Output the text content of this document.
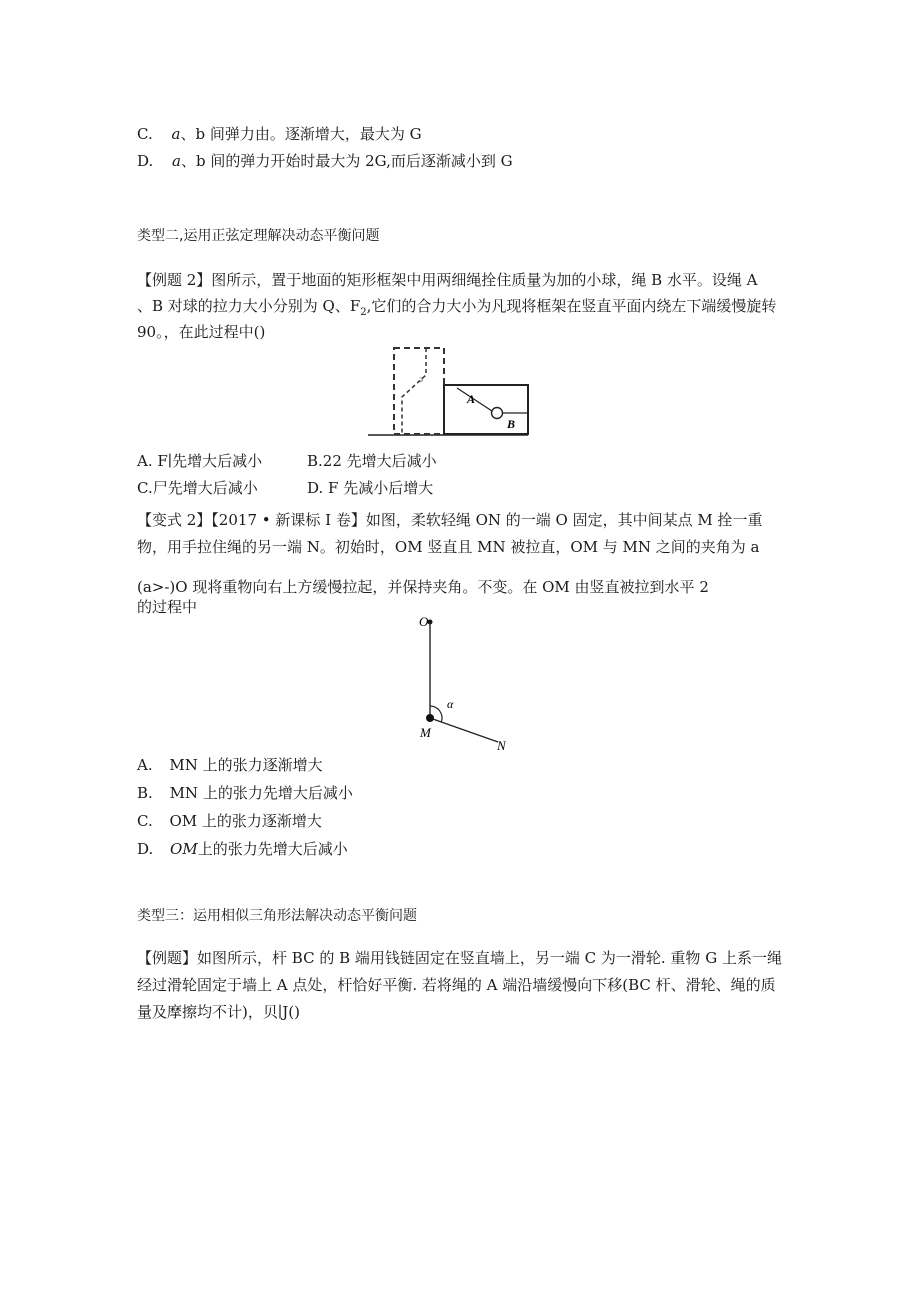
C. a、b 间弹力由。逐渐增大，最大为 G
D. a、b 间的弹力开始时最大为 2G,而后逐渐减小到 G
类型二,运用正弦定理解决动态平衡问题
【例题 2】图所示，置于地面的矩形框架中用两细绳拴住质量为加的小球，绳 B 水平。设绳 A
、B 对球的拉力大小分别为 Q、$F_2$,它们的合力大小为凡现将框架在竖直平面内绕左下端缓慢旋转
90。，在此过程中()
ɔ
A
B
A. F∣先增大后减小	B.22 先增大后减小
C.尸先增大后减小	D. F 先减小后增大
【变式 2】【2017 • 新课标 I 卷】如图，柔软轻绳 ON 的一端 O 固定，其中间某点 M 拴一重
物，用手拉住绳的另一端 N。初始时，OM 竖直且 MN 被拉直，OM 与 MN 之间的夹角为 a
(a>-)O 现将重物向右上方缓慢拉起，并保持夹角。不变。在 OM 由竖直被拉到水平 2
的过程中
O
M
N
α
A. MN 上的张力逐渐增大
B. MN 上的张力先增大后减小
C. OM 上的张力逐渐增大
D. OM上的张力先增大后减小
类型三：运用相似三角形法解决动态平衡问题
【例题】如图所示，杆 BC 的 B 端用钱链固定在竖直墙上，另一端 C 为一滑轮. 重物 G 上系一绳
经过滑轮固定于墙上 A 点处，杆恰好平衡. 若将绳的 A 端沿墙缓慢向下移(BC 杆、滑轮、绳的质
量及摩擦均不计)，贝∣J()
